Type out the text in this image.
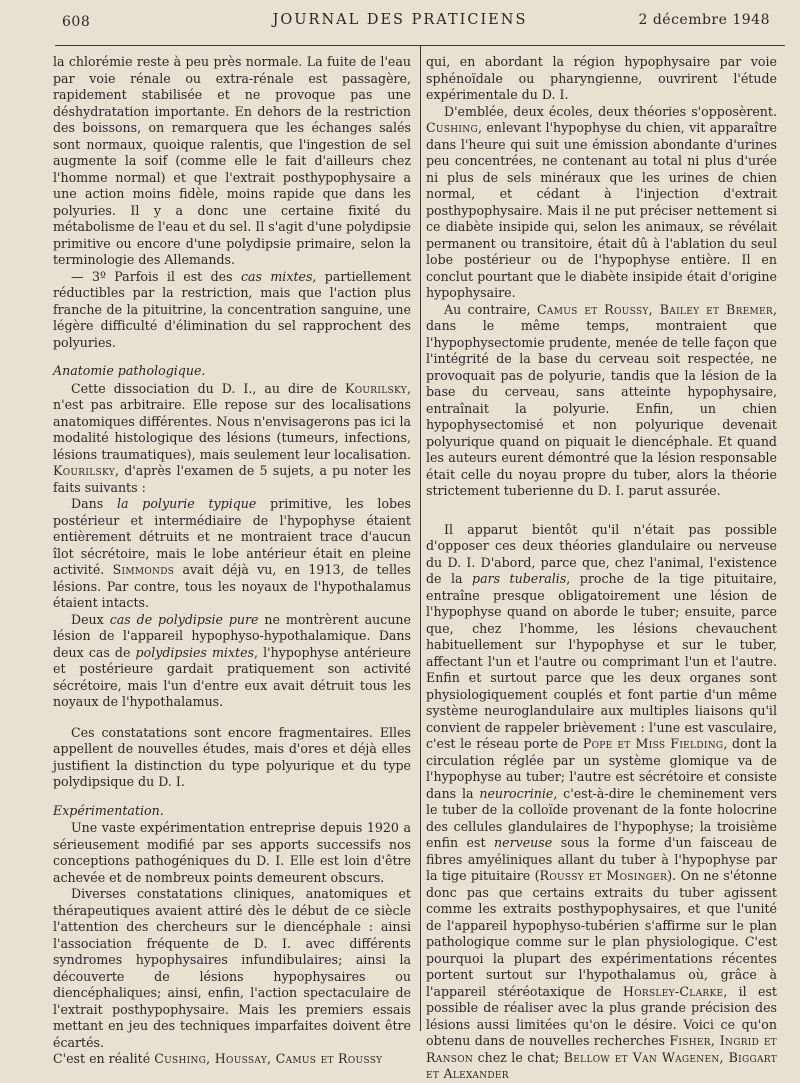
608	JOURNAL DES PRATICIENS	2 décembre 1948

la chlorémie reste à peu près normale. La fuite de l'eau par voie rénale ou extra-rénale est passagère, rapidement stabilisée et ne provoque pas une déshydratation importante. En dehors de la restriction des boissons, on remarquera que les échanges salés sont normaux, quoique ralentis, que l'ingestion de sel augmente la soif (comme elle le fait d'ailleurs chez l'homme normal) et que l'extrait posthypophysaire a une action moins fidèle, moins rapide que dans les polyuries. Il y a donc une certaine fixité du métabolisme de l'eau et du sel. Il s'agit d'une polydipsie primitive ou encore d'une polydipsie primaire, selon la terminologie des Allemands.

— 3º Parfois il est des cas mixtes, partiellement réductibles par la restriction, mais que l'action plus franche de la pituitrine, la concentration sanguine, une légère difficulté d'élimination du sel rapprochent des polyuries.

Anatomie pathologique.

Cette dissociation du D. I., au dire de Kourilsky, n'est pas arbitraire. Elle repose sur des localisations anatomiques différentes. Nous n'envisagerons pas ici la modalité histologique des lésions (tumeurs, infections, lésions traumatiques), mais seulement leur localisation. Kourilsky, d'après l'examen de 5 sujets, a pu noter les faits suivants :

Dans la polyurie typique primitive, les lobes postérieur et intermédiaire de l'hypophyse étaient entièrement détruits et ne montraient trace d'aucun îlot sécrétoire, mais le lobe antérieur était en pleine activité. Simmonds avait déjà vu, en 1913, de telles lésions. Par contre, tous les noyaux de l'hypothalamus étaient intacts.

Deux cas de polydipsie pure ne montrèrent aucune lésion de l'appareil hypophyso-hypothalamique. Dans deux cas de polydipsies mixtes, l'hypophyse antérieure et postérieure gardait pratiquement son activité sécrétoire, mais l'un d'entre eux avait détruit tous les noyaux de l'hypothalamus.

Ces constatations sont encore fragmentaires. Elles appellent de nouvelles études, mais d'ores et déjà elles justifient la distinction du type polyurique et du type polydipsique du D. I.

Expérimentation.

Une vaste expérimentation entreprise depuis 1920 a sérieusement modifié par ses apports successifs nos conceptions pathogéniques du D. I. Elle est loin d'être achevée et de nombreux points demeurent obscurs.

Diverses constatations cliniques, anatomiques et thérapeutiques avaient attiré dès le début de ce siècle l'attention des chercheurs sur le diencéphale : ainsi l'association fréquente de D. I. avec différents syndromes hypophysaires infundibulaires; ainsi la découverte de lésions hypophysaires ou diencéphaliques; ainsi, enfin, l'action spectaculaire de l'extrait posthypophysaire. Mais les premiers essais mettant en jeu des techniques imparfaites doivent être écartés.

C'est en réalité Cushing, Houssay, Camus et Roussy

qui, en abordant la région hypophysaire par voie sphénoïdale ou pharyngienne, ouvrirent l'étude expérimentale du D. I.

D'emblée, deux écoles, deux théories s'opposèrent. Cushing, enlevant l'hypophyse du chien, vit apparaître dans l'heure qui suit une émission abondante d'urines peu concentrées, ne contenant au total ni plus d'urée ni plus de sels minéraux que les urines de chien normal, et cédant à l'injection d'extrait posthypophysaire. Mais il ne put préciser nettement si ce diabète insipide qui, selon les animaux, se révélait permanent ou transitoire, était dû à l'ablation du seul lobe postérieur ou de l'hypophyse entière. Il en conclut pourtant que le diabète insipide était d'origine hypophysaire.

Au contraire, Camus et Roussy, Bailey et Bremer, dans le même temps, montraient que l'hypophysectomie prudente, menée de telle façon que l'intégrité de la base du cerveau soit respectée, ne provoquait pas de polyurie, tandis que la lésion de la base du cerveau, sans atteinte hypophysaire, entraînait la polyurie. Enfin, un chien hypophysectomisé et non polyurique devenait polyurique quand on piquait le diencéphale. Et quand les auteurs eurent démontré que la lésion responsable était celle du noyau propre du tuber, alors la théorie strictement tuberienne du D. I. parut assurée.

Il apparut bientôt qu'il n'était pas possible d'opposer ces deux théories glandulaire ou nerveuse du D. I. D'abord, parce que, chez l'animal, l'existence de la pars tuberalis, proche de la tige pituitaire, entraîne presque obligatoirement une lésion de l'hypophyse quand on aborde le tuber; ensuite, parce que, chez l'homme, les lésions chevauchent habituellement sur l'hypophyse et sur le tuber, affectant l'un et l'autre ou comprimant l'un et l'autre. Enfin et surtout parce que les deux organes sont physiologiquement couplés et font partie d'un même système neuroglandulaire aux multiples liaisons qu'il convient de rappeler brièvement : l'une est vasculaire, c'est le réseau porte de Pope et Miss Fielding, dont la circulation réglée par un système glomique va de l'hypophyse au tuber; l'autre est sécrétoire et consiste dans la neurocrinie, c'est-à-dire le cheminement vers le tuber de la colloïde provenant de la fonte holocrine des cellules glandulaires de l'hypophyse; la troisième enfin est nerveuse sous la forme d'un faisceau de fibres amyéliniques allant du tuber à l'hypophyse par la tige pituitaire (Roussy et Mosinger). On ne s'étonne donc pas que certains extraits du tuber agissent comme les extraits posthypophysaires, et que l'unité de l'appareil hypophyso-tubérien s'affirme sur le plan pathologique comme sur le plan physiologique. C'est pourquoi la plupart des expérimentations récentes portent surtout sur l'hypothalamus où, grâce à l'appareil stéréotaxique de Horsley-Clarke, il est possible de réaliser avec la plus grande précision des lésions aussi limitées qu'on le désire. Voici ce qu'on obtenu dans de nouvelles recherches Fisher, Ingrid et Ranson chez le chat; Bellow et Van Wagenen, Biggart et Alexander
